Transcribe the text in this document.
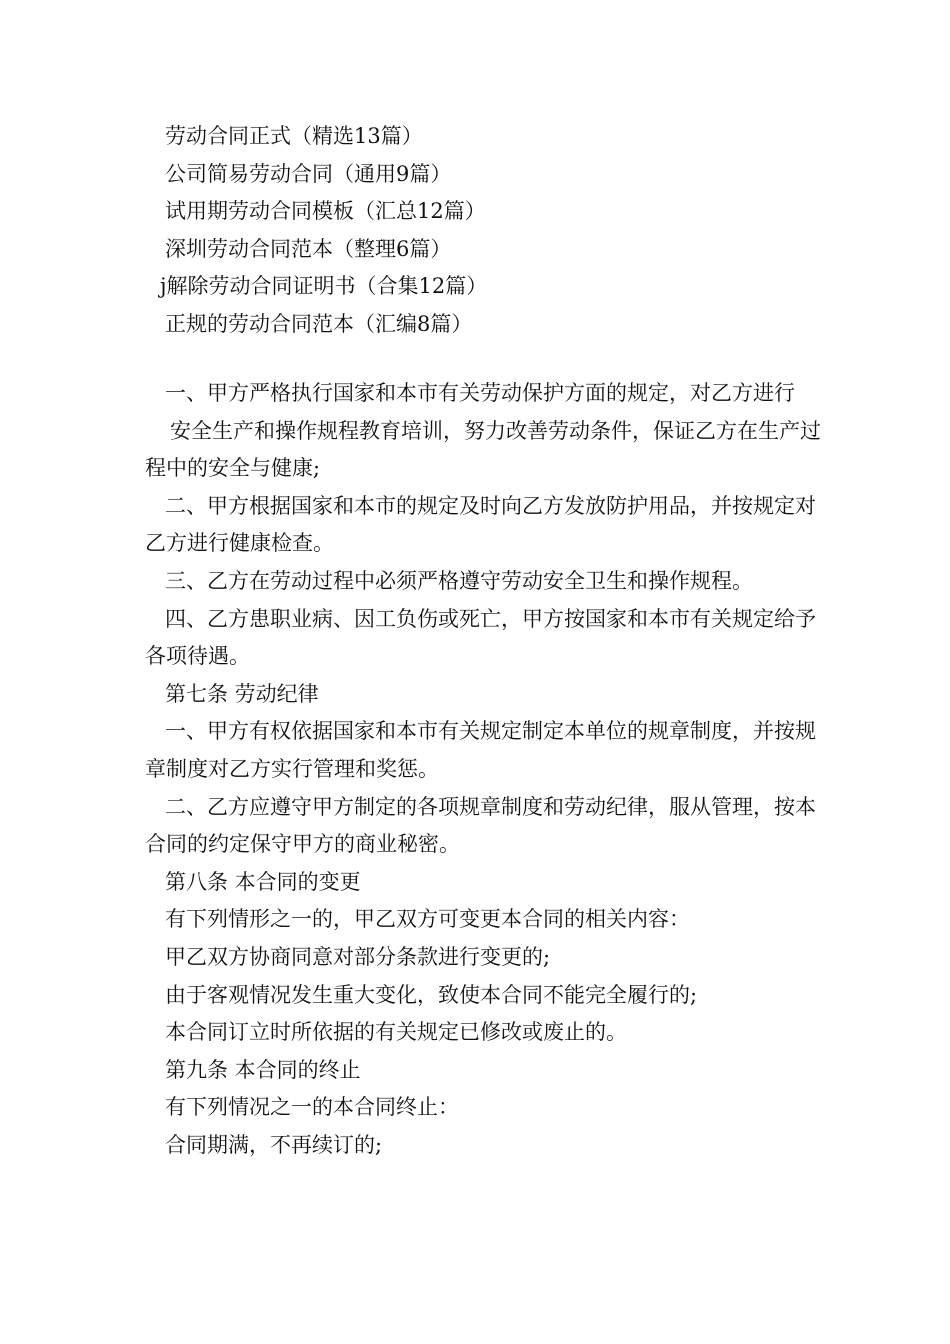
劳动合同正式（精选13篇）
公司简易劳动合同（通用9篇）
试用期劳动合同模板（汇总12篇）
深圳劳动合同范本（整理6篇）
j解除劳动合同证明书（合集12篇）
正规的劳动合同范本（汇编8篇）

一、甲方严格执行国家和本市有关劳动保护方面的规定，对乙方进行

安全生产和操作规程教育培训，努力改善劳动条件，保证乙方在生产过程中的安全与健康;

二、甲方根据国家和本市的规定及时向乙方发放防护用品，并按规定对乙方进行健康检查。

三、乙方在劳动过程中必须严格遵守劳动安全卫生和操作规程。

四、乙方患职业病、因工负伤或死亡，甲方按国家和本市有关规定给予各项待遇。

第七条 劳动纪律

一、甲方有权依据国家和本市有关规定制定本单位的规章制度，并按规章制度对乙方实行管理和奖惩。

二、乙方应遵守甲方制定的各项规章制度和劳动纪律，服从管理，按本合同的约定保守甲方的商业秘密。

第八条 本合同的变更

有下列情形之一的，甲乙双方可变更本合同的相关内容：

甲乙双方协商同意对部分条款进行变更的;

由于客观情况发生重大变化，致使本合同不能完全履行的;

本合同订立时所依据的有关规定已修改或废止的。

第九条 本合同的终止

有下列情况之一的本合同终止：

合同期满，不再续订的;
